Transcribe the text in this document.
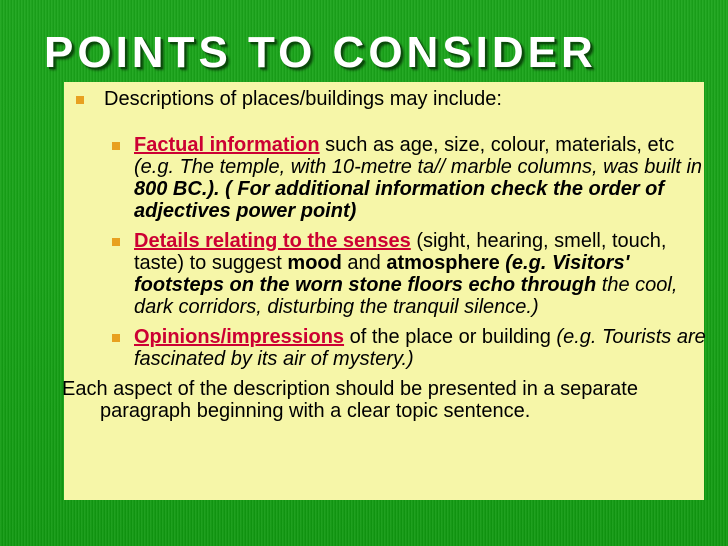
POINTS TO CONSIDER

Descriptions of places/buildings may include:

Factual information such as age, size, colour, materials, etc (e.g. The temple, with 10-metre ta// marble columns, was built in 800 BC.). ( For additional information check the order of adjectives power point)

Details relating to the senses (sight, hearing, smell, touch, taste) to suggest mood and atmosphere (e.g. Visitors' footsteps on the worn stone floors echo through the cool, dark corridors, disturbing the tranquil silence.)

Opinions/impressions of the place or building (e.g. Tourists are fascinated by its air of mystery.)

Each aspect of the description should be presented in a separate paragraph beginning with a clear topic sentence.
